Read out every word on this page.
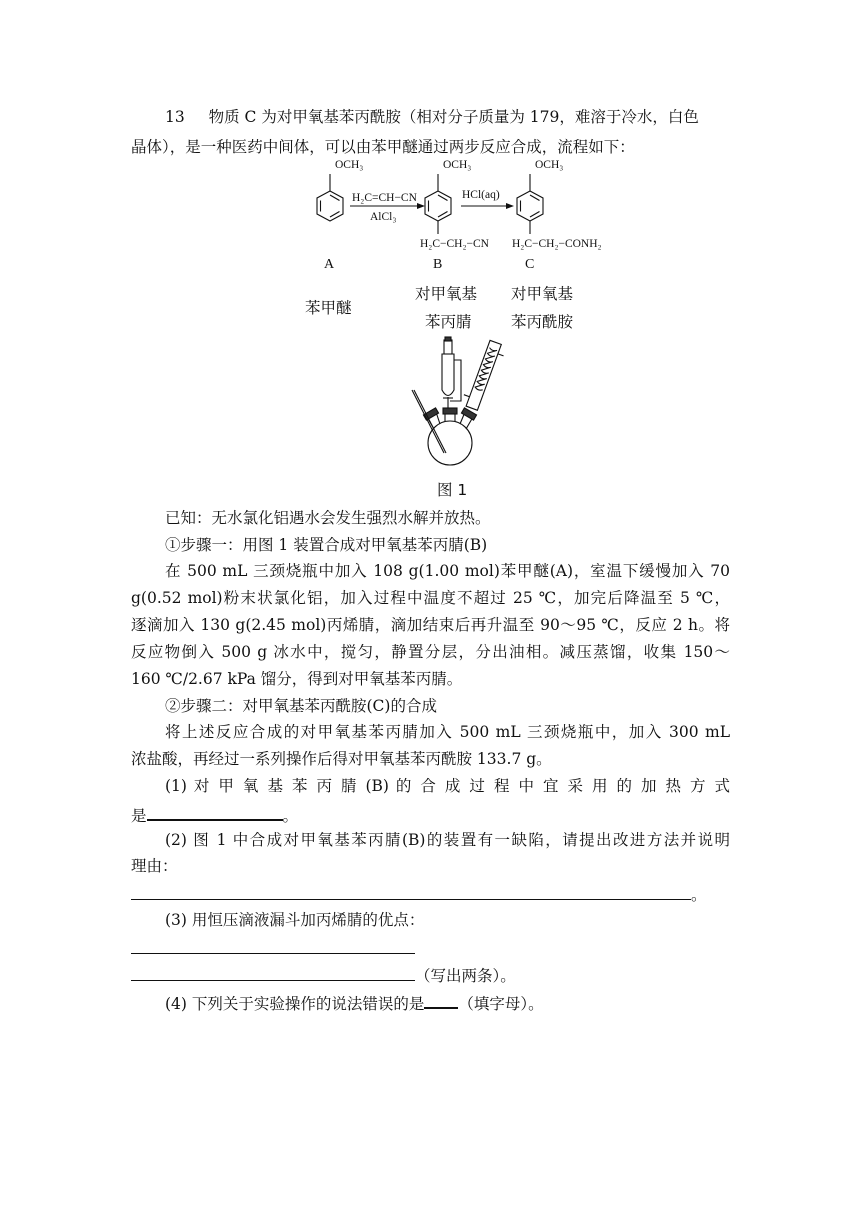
13 物质 C 为对甲氧基苯丙酰胺（相对分子质量为 179，难溶于冷水，白色
晶体），是一种医药中间体，可以由苯甲醚通过两步反应合成，流程如下：
OCH₃	OCH₃	OCH₃
H₂C=CH−CN
AlCl₃
HCl(aq)
H₂C−CH₂−CN H₂C−CH₂−CONH₂
A	B	C
苯甲醚
对甲氧基
苯丙腈
对甲氧基
苯丙酰胺
图 1
已知：无水氯化铝遇水会发生强烈水解并放热。
①步骤一：用图 1 装置合成对甲氧基苯丙腈(B)
在 500 mL 三颈烧瓶中加入 108 g(1.00 mol)苯甲醚(A)，室温下缓慢加入 70
g(0.52 mol)粉末状氯化铝，加入过程中温度不超过 25 ℃，加完后降温至 5 ℃，
逐滴加入 130 g(2.45 mol)丙烯腈，滴加结束后再升温至 90～95 ℃，反应 2 h。将
反应物倒入 500 g 冰水中，搅匀，静置分层，分出油相。减压蒸馏，收集 150～
160 ℃/2.67 kPa 馏分，得到对甲氧基苯丙腈。
②步骤二：对甲氧基苯丙酰胺(C)的合成
将上述反应合成的对甲氧基苯丙腈加入 500 mL 三颈烧瓶中，加入 300 mL
浓盐酸，再经过一系列操作后得对甲氧基苯丙酰胺 133.7 g。
(1) 对 甲 氧 基 苯 丙 腈 (B) 的 合 成 过 程 中 宜 采 用 的 加 热 方 式
是	。
(2) 图 1 中合成对甲氧基苯丙腈(B)的装置有一缺陷，请提出改进方法并说明
理由：
。
(3) 用恒压滴液漏斗加丙烯腈的优点：
（写出两条）。
(4) 下列关于实验操作的说法错误的是 （填字母）。
